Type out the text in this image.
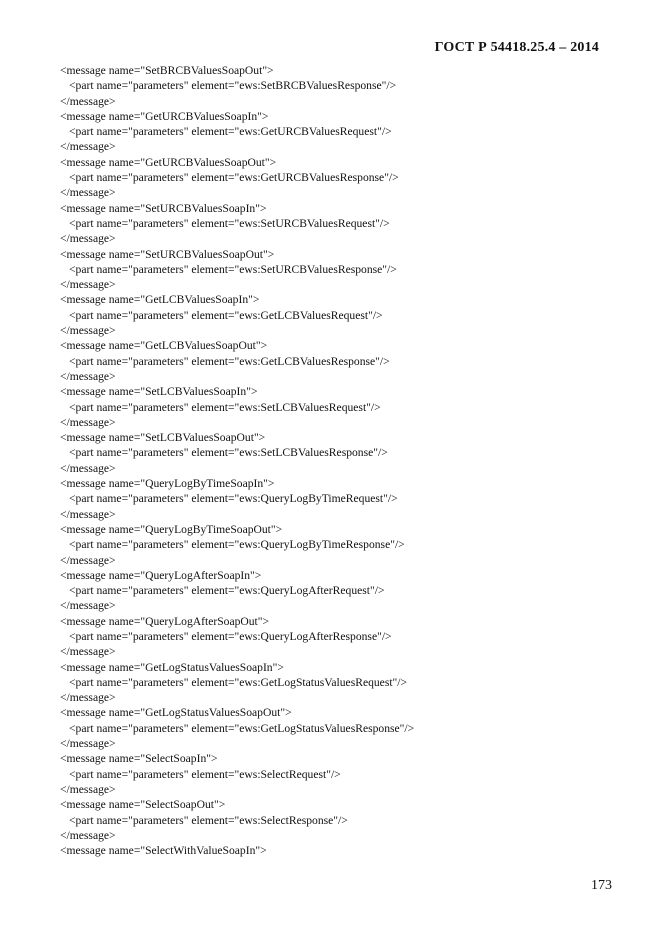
ГОСТ Р 54418.25.4 – 2014
<message name="SetBRCBValuesSoapOut">
<part name="parameters" element="ews:SetBRCBValuesResponse"/>
</message>
<message name="GetURCBValuesSoapIn">
<part name="parameters" element="ews:GetURCBValuesRequest"/>
</message>
<message name="GetURCBValuesSoapOut">
<part name="parameters" element="ews:GetURCBValuesResponse"/>
</message>
<message name="SetURCBValuesSoapIn">
<part name="parameters" element="ews:SetURCBValuesRequest"/>
</message>
<message name="SetURCBValuesSoapOut">
<part name="parameters" element="ews:SetURCBValuesResponse"/>
</message>
<message name="GetLCBValuesSoapIn">
<part name="parameters" element="ews:GetLCBValuesRequest"/>
</message>
<message name="GetLCBValuesSoapOut">
<part name="parameters" element="ews:GetLCBValuesResponse"/>
</message>
<message name="SetLCBValuesSoapIn">
<part name="parameters" element="ews:SetLCBValuesRequest"/>
</message>
<message name="SetLCBValuesSoapOut">
<part name="parameters" element="ews:SetLCBValuesResponse"/>
</message>
<message name="QueryLogByTimeSoapIn">
<part name="parameters" element="ews:QueryLogByTimeRequest"/>
</message>
<message name="QueryLogByTimeSoapOut">
<part name="parameters" element="ews:QueryLogByTimeResponse"/>
</message>
<message name="QueryLogAfterSoapIn">
<part name="parameters" element="ews:QueryLogAfterRequest"/>
</message>
<message name="QueryLogAfterSoapOut">
<part name="parameters" element="ews:QueryLogAfterResponse"/>
</message>
<message name="GetLogStatusValuesSoapIn">
<part name="parameters" element="ews:GetLogStatusValuesRequest"/>
</message>
<message name="GetLogStatusValuesSoapOut">
<part name="parameters" element="ews:GetLogStatusValuesResponse"/>
</message>
<message name="SelectSoapIn">
<part name="parameters" element="ews:SelectRequest"/>
</message>
<message name="SelectSoapOut">
<part name="parameters" element="ews:SelectResponse"/>
</message>
<message name="SelectWithValueSoapIn">
173
